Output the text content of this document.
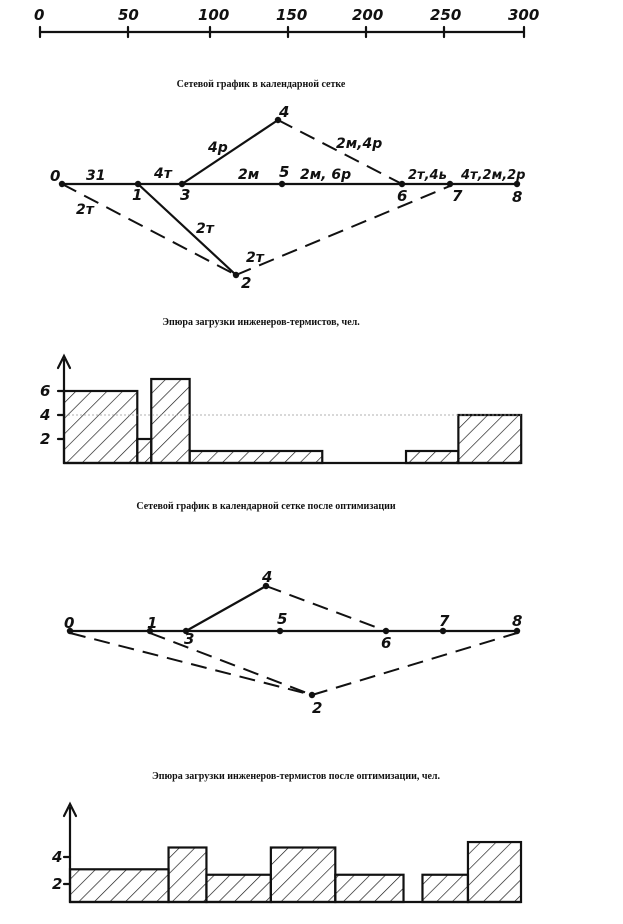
0	50	100	150	200	250	300
Сетевой график в календарной сетке
0
1
2
3
4
5
6	7	8
31	4т
2т
2т
2т
4р
2м
2м,4р
2м, 6р	2т,4ь 4т,2м,2р
Эпюра загрузки инженеров-термистов, чел.
6
4
2
Сетевой график в календарной сетке после оптимизации
0	1
2
3
4
5
6
7	8
Эпюра загрузки инженеров-термистов после оптимизации, чел.
4
2
